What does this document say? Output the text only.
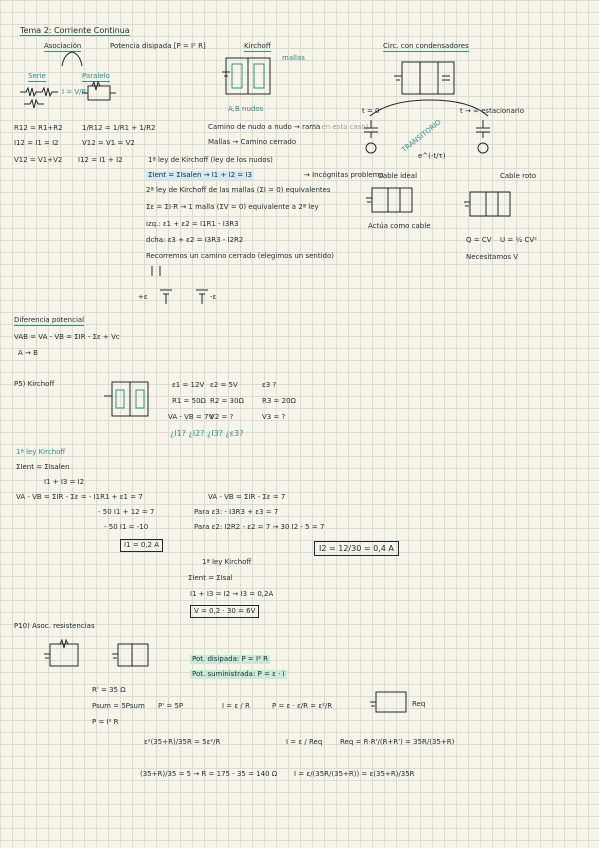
Tema 2: Corriente Continua
Asociación	Potencia disipada [P = I² R]	Kirchoff	Circ. con condensadores
Serie	Paralelo
I = V/R
R12 = R1+R2
I12 = I1 = I2
V12 = V1+V2
1/R12 = 1/R1 + 1/R2
V12 = V1 = V2
I12 = I1 + I2
mallas
A,B nudos
Camino de nudo a nudo → rama
(1 en esta caso)
Mallas → Camino cerrado
1ª ley de Kirchoff (ley de los nudos)
ΣIent = ΣIsalen → I1 + I2 = I3	→ Incógnitas problema
2ª ley de Kirchoff de las mallas (ΣI = 0) equivalentes
Σε = ΣI·R → 1 malla (ΣV = 0) equivalente a 2ª ley
izq.: ε1 + ε2 = I1R1 - I3R3
dcha: ε3 + ε2 = I3R3 - I2R2
Recorremos un camino cerrado (elegimos un sentido)
+ε	-ε
t = 0	t → ∞ estacionario
TRANSITORIO
e^(-t/τ)
Cable ideal	Cable roto
Actúa como cable
Q = CV U = ½ CV²
Necesitamos V
Diferencia potencial
VAB = VA - VB = ΣIR - Σε + Vc
A → B
P5) Kirchoff	ε1 = 12V ε2 = 5V	ε3 ?
R1 = 50Ω R2 = 30Ω	R3 = 20Ω
VA - VB = 7V
V2 = ?	V3 = ?
¿I1? ¿I2? ¿I3? ¿ε3?
1ª ley Kirchoff
ΣIent = ΣIsalen
I1 + I3 = I2
VA - VB = ΣIR - Σε = - I1R1 + ε1 = 7
- 50 I1 + 12 = 7
- 50 I1 = -10
I1 = 0,2 A
VA - VB = ΣIR - Σε = 7
Para ε3: - I3R3 + ε3 = 7
Para ε2: I2R2 - ε2 = 7 → 30 I2 - 5 = 7
I2 = 12/30 = 0,4 A
1ª ley Kirchoff
ΣIent = ΣIsal
I1 + I3 = I2 → I3 = 0,2A
V = 0,2 · 30 = 6V
P10) Asoc. resistencias
Pot. disipada: P = I² R
Pot. suministrada: P = ε · I
R' = 35 Ω
Psum = 5Psum
P = I² R
P' = 5P	I = ε / R	P = ε · ε/R = ε²/R	Req
ε²(35+R)/35R = 5ε²/R	I = ε / Req	Req = R·R'/(R+R') = 35R/(35+R)
(35+R)/35 = 5 → R = 175 - 35 = 140 Ω I = ε/(35R/(35+R)) = ε(35+R)/35R
